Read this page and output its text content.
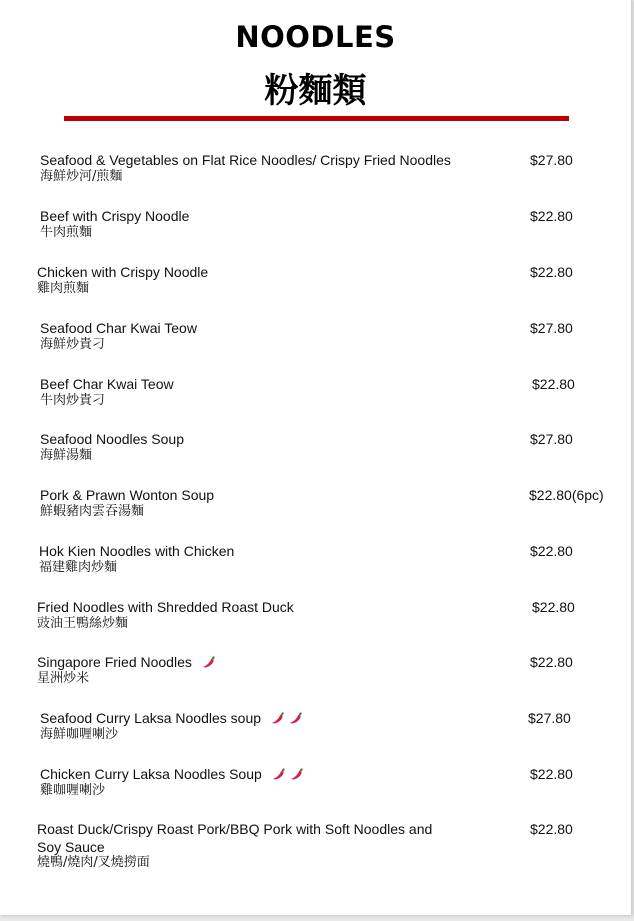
NOODLES
粉麵類
Seafood & Vegetables on Flat Rice Noodles/ Crispy Fried Noodles
海鮮炒河/煎麵
$27.80
Beef with Crispy Noodle
牛肉煎麵
$22.80
Chicken with Crispy Noodle
雞肉煎麵
$22.80
Seafood Char Kwai Teow
海鮮炒貴刁
$27.80
Beef Char Kwai Teow
牛肉炒貴刁
$22.80
Seafood Noodles Soup
海鮮湯麵
$27.80
Pork & Prawn Wonton Soup
鮮蝦豬肉雲吞湯麵
$22.80(6pc)
Hok Kien Noodles with Chicken
福建雞肉炒麵
$22.80
Fried Noodles with Shredded Roast Duck
豉油王鴨絲炒麵
$22.80
Singapore Fried Noodles
星洲炒米
$22.80
Seafood Curry Laksa Noodles soup
海鮮咖喱喇沙
$27.80
Chicken Curry Laksa Noodles Soup
雞咖喱喇沙
$22.80
Roast Duck/Crispy Roast Pork/BBQ Pork with Soft Noodles and Soy Sauce
燒鴨/燒肉/叉燒撈面
$22.80
